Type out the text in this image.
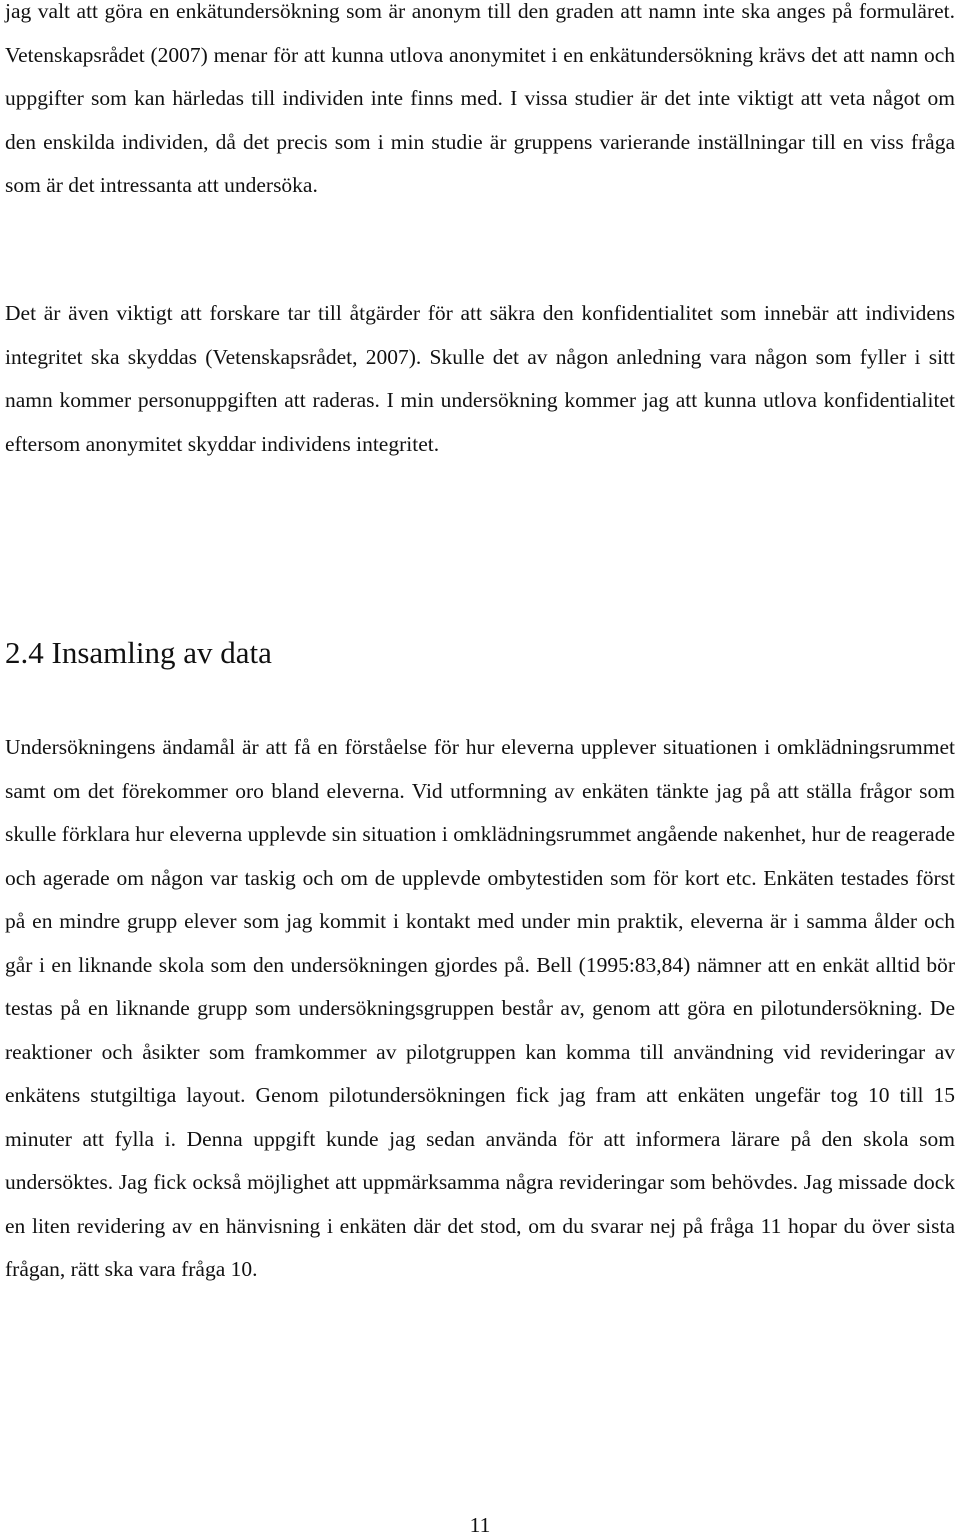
jag valt att göra en enkätundersökning som är anonym till den graden att namn inte ska anges på formuläret. Vetenskapsrådet (2007) menar för att kunna utlova anonymitet i en enkätundersökning krävs det att namn och uppgifter som kan härledas till individen inte finns med. I vissa studier är det inte viktigt att veta något om den enskilda individen, då det precis som i min studie är gruppens varierande inställningar till en viss fråga som är det intressanta att undersöka.

Det är även viktigt att forskare tar till åtgärder för att säkra den konfidentialitet som innebär att individens integritet ska skyddas (Vetenskapsrådet, 2007). Skulle det av någon anledning vara någon som fyller i sitt namn kommer personuppgiften att raderas. I min undersökning kommer jag att kunna utlova konfidentialitet eftersom anonymitet skyddar individens integritet.

2.4 Insamling av data

Undersökningens ändamål är att få en förståelse för hur eleverna upplever situationen i omklädningsrummet samt om det förekommer oro bland eleverna. Vid utformning av enkäten tänkte jag på att ställa frågor som skulle förklara hur eleverna upplevde sin situation i omklädningsrummet angående nakenhet, hur de reagerade och agerade om någon var taskig och om de upplevde ombytestiden som för kort etc. Enkäten testades först på en mindre grupp elever som jag kommit i kontakt med under min praktik, eleverna är i samma ålder och går i en liknande skola som den undersökningen gjordes på. Bell (1995:83,84) nämner att en enkät alltid bör testas på en liknande grupp som undersökningsgruppen består av, genom att göra en pilotundersökning. De reaktioner och åsikter som framkommer av pilotgruppen kan komma till användning vid revideringar av enkätens stutgiltiga layout. Genom pilotundersökningen fick jag fram att enkäten ungefär tog 10 till 15 minuter att fylla i. Denna uppgift kunde jag sedan använda för att informera lärare på den skola som undersöktes. Jag fick också möjlighet att uppmärksamma några revideringar som behövdes. Jag missade dock en liten revidering av en hänvisning i enkäten där det stod, om du svarar nej på fråga 11 hopar du över sista frågan, rätt ska vara fråga 10.

11
